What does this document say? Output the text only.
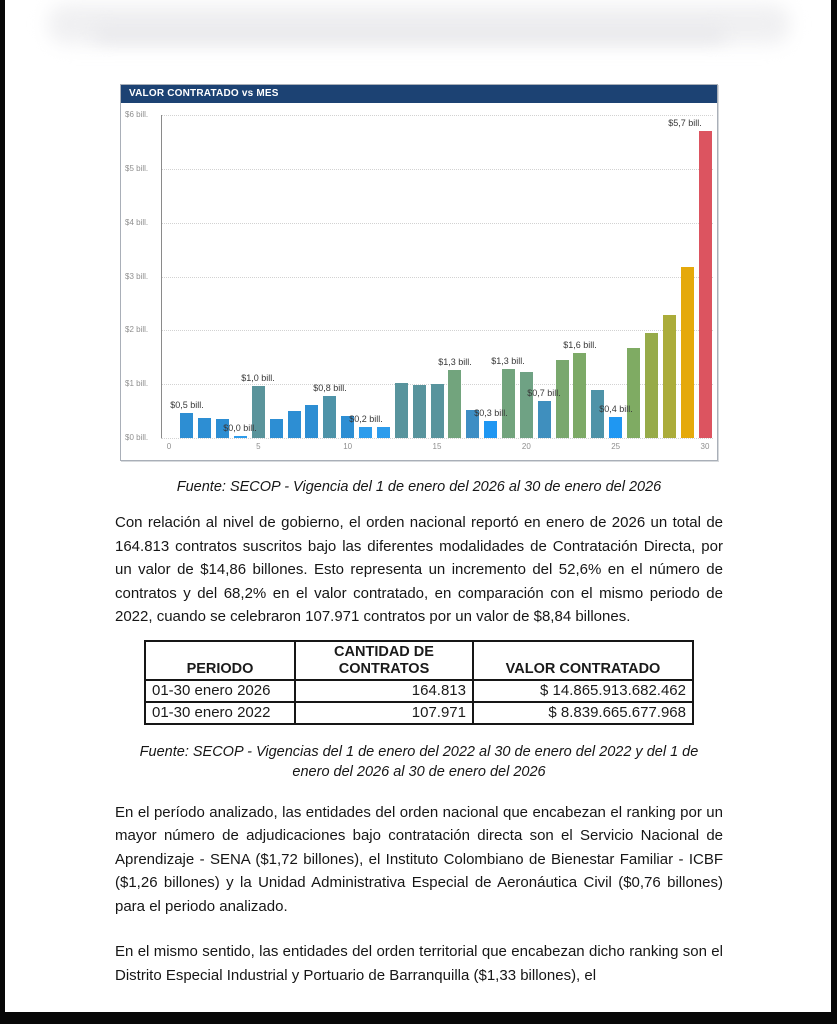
VALOR CONTRATADO vs MES
$0 bill.
$1 bill.
$2 bill.
$3 bill.
$4 bill.
$5 bill.
$6 bill.
0	5	10	15	20	25	30
$0,5 bill.
$0,0 bill.
$1,0 bill.
$0,8 bill.
$0,2 bill.
$1,3 bill.
$0,3 bill.
$1,3 bill.
$0,7 bill.
$1,6 bill.
$0,4 bill.
$5,7 bill.
Fuente: SECOP - Vigencia del 1 de enero del 2026 al 30 de enero del 2026

Con relación al nivel de gobierno, el orden nacional reportó en enero de 2026 un total de 164.813 contratos suscritos bajo las diferentes modalidades de Contratación Directa, por un valor de $14,86 billones. Esto representa un incremento del 52,6% en el número de contratos y del 68,2% en el valor contratado, en comparación con el mismo periodo de 2022, cuando se celebraron 107.971 contratos por un valor de $8,84 billones.

PERIODO	CANTIDAD DE CONTRATOS	VALOR CONTRATADO
01-30 enero 2026	164.813	$ 14.865.913.682.462
01-30 enero 2022	107.971	$ 8.839.665.677.968
Fuente: SECOP - Vigencias del 1 de enero del 2022 al 30 de enero del 2022 y del 1 de enero del 2026 al 30 de enero del 2026

En el período analizado, las entidades del orden nacional que encabezan el ranking por un mayor número de adjudicaciones bajo contratación directa son el Servicio Nacional de Aprendizaje - SENA ($1,72 billones), el Instituto Colombiano de Bienestar Familiar - ICBF ($1,26 billones) y la Unidad Administrativa Especial de Aeronáutica Civil ($0,76 billones) para el periodo analizado.

En el mismo sentido, las entidades del orden territorial que encabezan dicho ranking son el Distrito Especial Industrial y Portuario de Barranquilla ($1,33 billones), el
